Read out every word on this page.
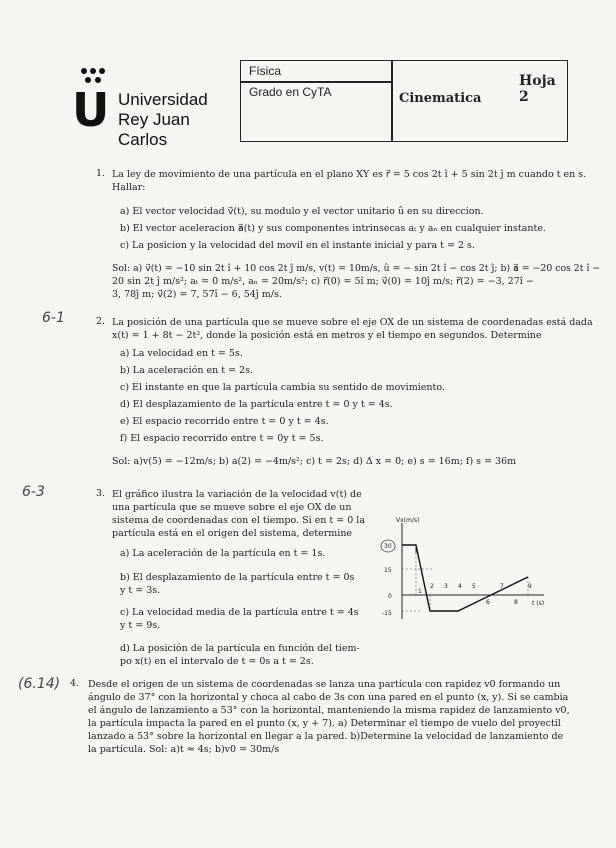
U Universidad
Rey Juan Carlos
Física
Grado en CyTA	Cinematica
Hoja 2
1. La ley de movimiento de una partícula en el plano XY es r⃗ = 5 cos 2t î + 5 sin 2t ĵ m cuando t en s.
Hallar:
a) El vector velocidad v⃗(t), su modulo y el vector unitario û en su direccion.
b) El vector aceleracion a⃗(t) y sus componentes intrinsecas aₜ y aₙ en cualquier instante.
c) La posicion y la velocidad del movil en el instante inicial y para t = 2 s.
Sol: a) v⃗(t) = −10 sin 2t î + 10 cos 2t ĵ m/s, v(t) = 10m/s, û = − sin 2t î − cos 2t ĵ; b) a⃗ = −20 cos 2t î −
20 sin 2t ĵ m/s²; aₜ = 0 m/s², aₙ = 20m/s²; c) r⃗(0) = 5î m; v⃗(0) = 10ĵ m/s; r⃗(2) = −3, 27î −
3, 78ĵ m; v⃗(2) = 7, 57î − 6, 54ĵ m/s.
6-1	2. La posición de una partícula que se mueve sobre el eje OX de un sistema de coordenadas está dada
x(t) = 1 + 8t − 2t², donde la posición está en metros y el tiempo en segundos. Determine
a) La velocidad en t = 5s.
b) La aceleración en t = 2s.
c) El instante en que la partícula cambia su sentido de movimiento.
d) El desplazamiento de la partícula entre t = 0 y t = 4s.
e) El espacio recorrido entre t = 0 y t = 4s.
f) El espacio recorrido entre t = 0y t = 5s.
Sol: a)v(5) = −12m/s; b) a(2) = −4m/s²; c) t = 2s; d) Δ x = 0; e) s = 16m; f) s = 36m
6-3	3. El gráfico ilustra la variación de la velocidad v(t) de
una partícula que se mueve sobre el eje OX de un
sistema de coordenadas con el tiempo. Si en t = 0 la
partícula está en el origen del sistema, determine
a) La aceleración de la partícula en t = 1s.
b) El desplazamiento de la partícula entre t = 0s
y t = 3s.
c) La velocidad media de la partícula entre t = 4s
y t = 9s.
d) La posición de la partícula en función del tiem-
po x(t) en el intervalo de t = 0s a t = 2s.
Vx(m/s)
t (s)
30
15
0
-15
1
2 3 4 5
6
7
8
9
(6.14) 4. Desde el origen de un sistema de coordenadas se lanza una partícula con rapidez v0 formando un
ángulo de 37° con la horizontal y choca al cabo de 3s con una pared en el punto (x, y). Si se cambia
el ángulo de lanzamiento a 53° con la horizontal, manteniendo la misma rapidez de lanzamiento v0,
la partícula impacta la pared en el punto (x, y + 7). a) Determinar el tiempo de vuelo del proyectil
lanzado a 53° sobre la horizontal en llegar a la pared. b)Determine la velocidad de lanzamiento de
la partícula. Sol: a)t ≈ 4s; b)v0 = 30m/s
